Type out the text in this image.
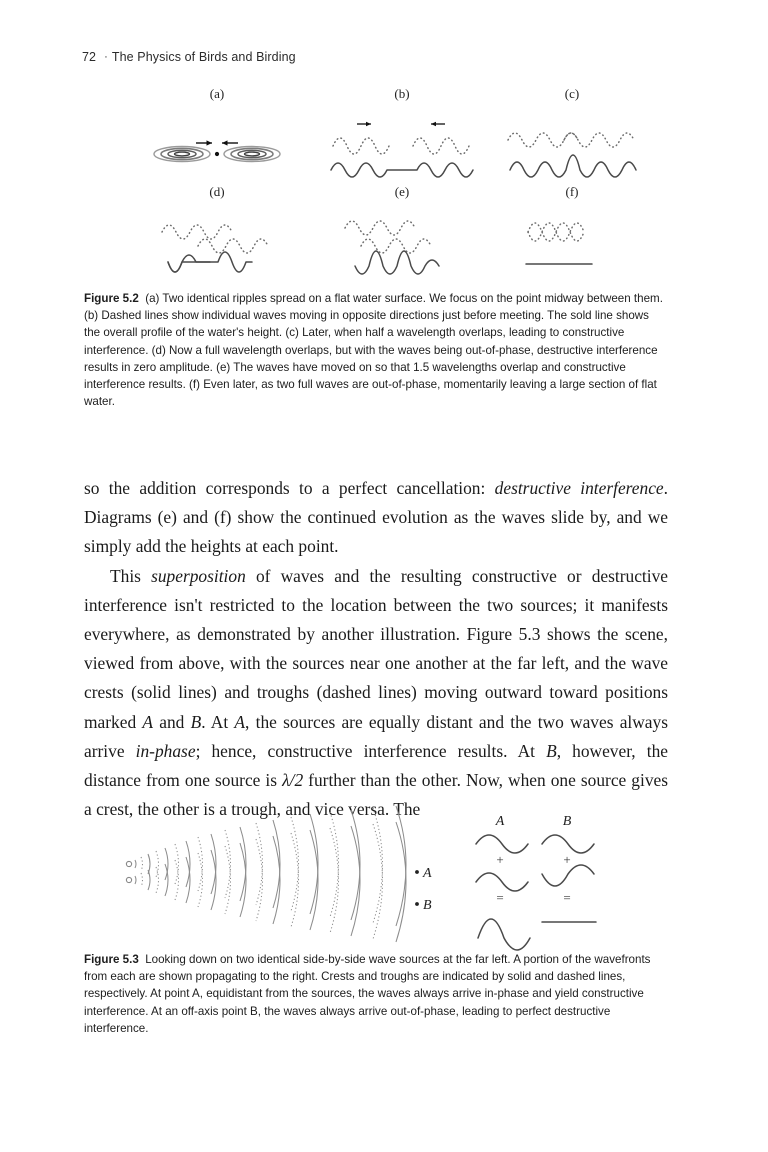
72 · The Physics of Birds and Birding
(a)	(b)	(c)
(d)	(e)	(f)
Figure 5.2 (a) Two identical ripples spread on a flat water surface. We focus on the point midway between them. (b) Dashed lines show individual waves moving in opposite directions just before meeting. The sold line shows the overall profile of the water's height. (c) Later, when half a wavelength overlaps, leading to constructive interference. (d) Now a full wavelength overlaps, but with the waves being out-of-phase, destructive interference results in zero amplitude. (e) The waves have moved on so that 1.5 wavelengths overlap and constructive interference results. (f) Even later, as two full waves are out-of-phase, momentarily leaving a large section of flat water.

so the addition corresponds to a perfect cancellation: destructive interference. Diagrams (e) and (f) show the continued evolution as the waves slide by, and we simply add the heights at each point.

This superposition of waves and the resulting constructive or destructive interference isn't restricted to the location between the two sources; it manifests everywhere, as demonstrated by another illustration. Figure 5.3 shows the scene, viewed from above, with the sources near one another at the far left, and the wave crests (solid lines) and troughs (dashed lines) moving outward toward positions marked A and B. At A, the sources are equally distant and the two waves always arrive in-phase; hence, constructive interference results. At B, however, the distance from one source is λ/2 further than the other. Now, when one source gives a crest, the other is a trough, and vice versa. The

A
B
A	B
+
=
+
=
Figure 5.3 Looking down on two identical side-by-side wave sources at the far left. A portion of the wavefronts from each are shown propagating to the right. Crests and troughs are indicated by solid and dashed lines, respectively. At point A, equidistant from the sources, the waves always arrive in-phase and yield constructive interference. At an off-axis point B, the waves always arrive out-of-phase, leading to perfect destructive interference.
